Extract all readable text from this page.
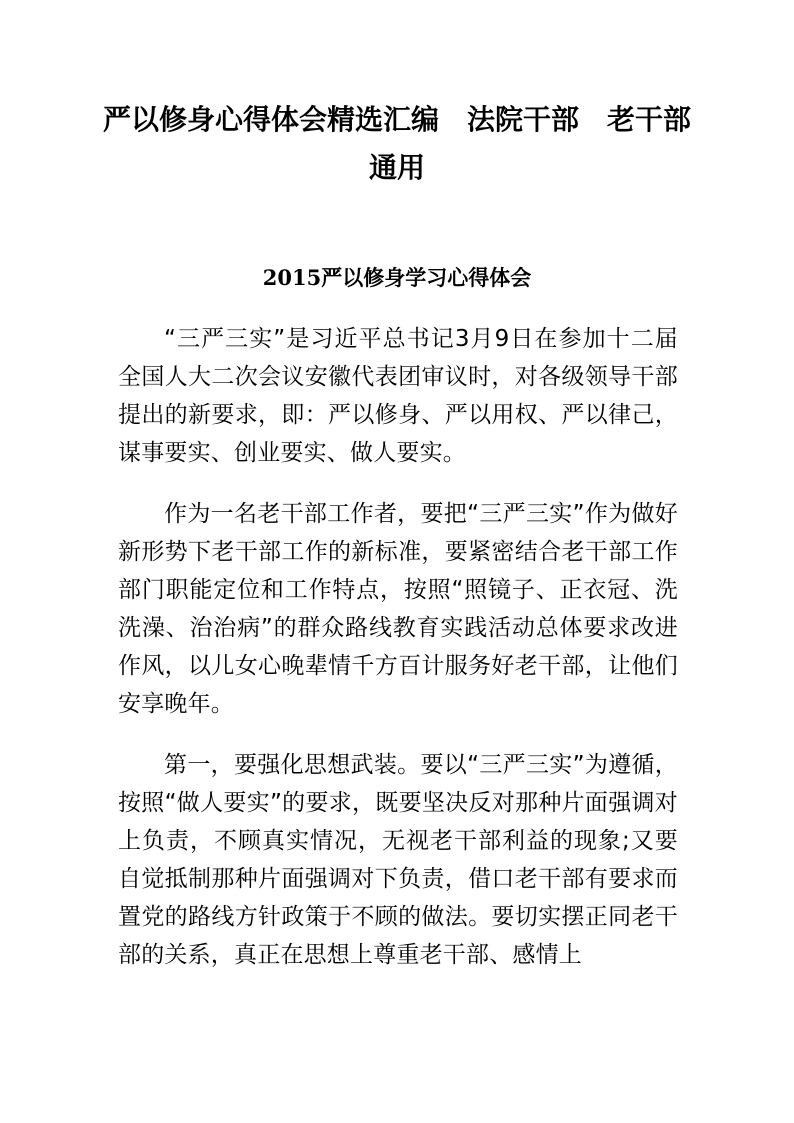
严以修身心得体会精选汇编　法院干部　老干部通用
2015严以修身学习心得体会

“三严三实”是习近平总书记3月9日在参加十二届全国人大二次会议安徽代表团审议时，对各级领导干部提出的新要求，即：严以修身、严以用权、严以律己，谋事要实、创业要实、做人要实。

作为一名老干部工作者，要把“三严三实”作为做好新形势下老干部工作的新标准，要紧密结合老干部工作部门职能定位和工作特点，按照“照镜子、正衣冠、洗洗澡、治治病”的群众路线教育实践活动总体要求改进作风，以儿女心晚辈情千方百计服务好老干部，让他们安享晚年。

第一，要强化思想武装。要以“三严三实”为遵循，按照“做人要实”的要求，既要坚决反对那种片面强调对上负责，不顾真实情况，无视老干部利益的现象;又要自觉抵制那种片面强调对下负责，借口老干部有要求而置党的路线方针政策于不顾的做法。要切实摆正同老干部的关系，真正在思想上尊重老干部、感情上
